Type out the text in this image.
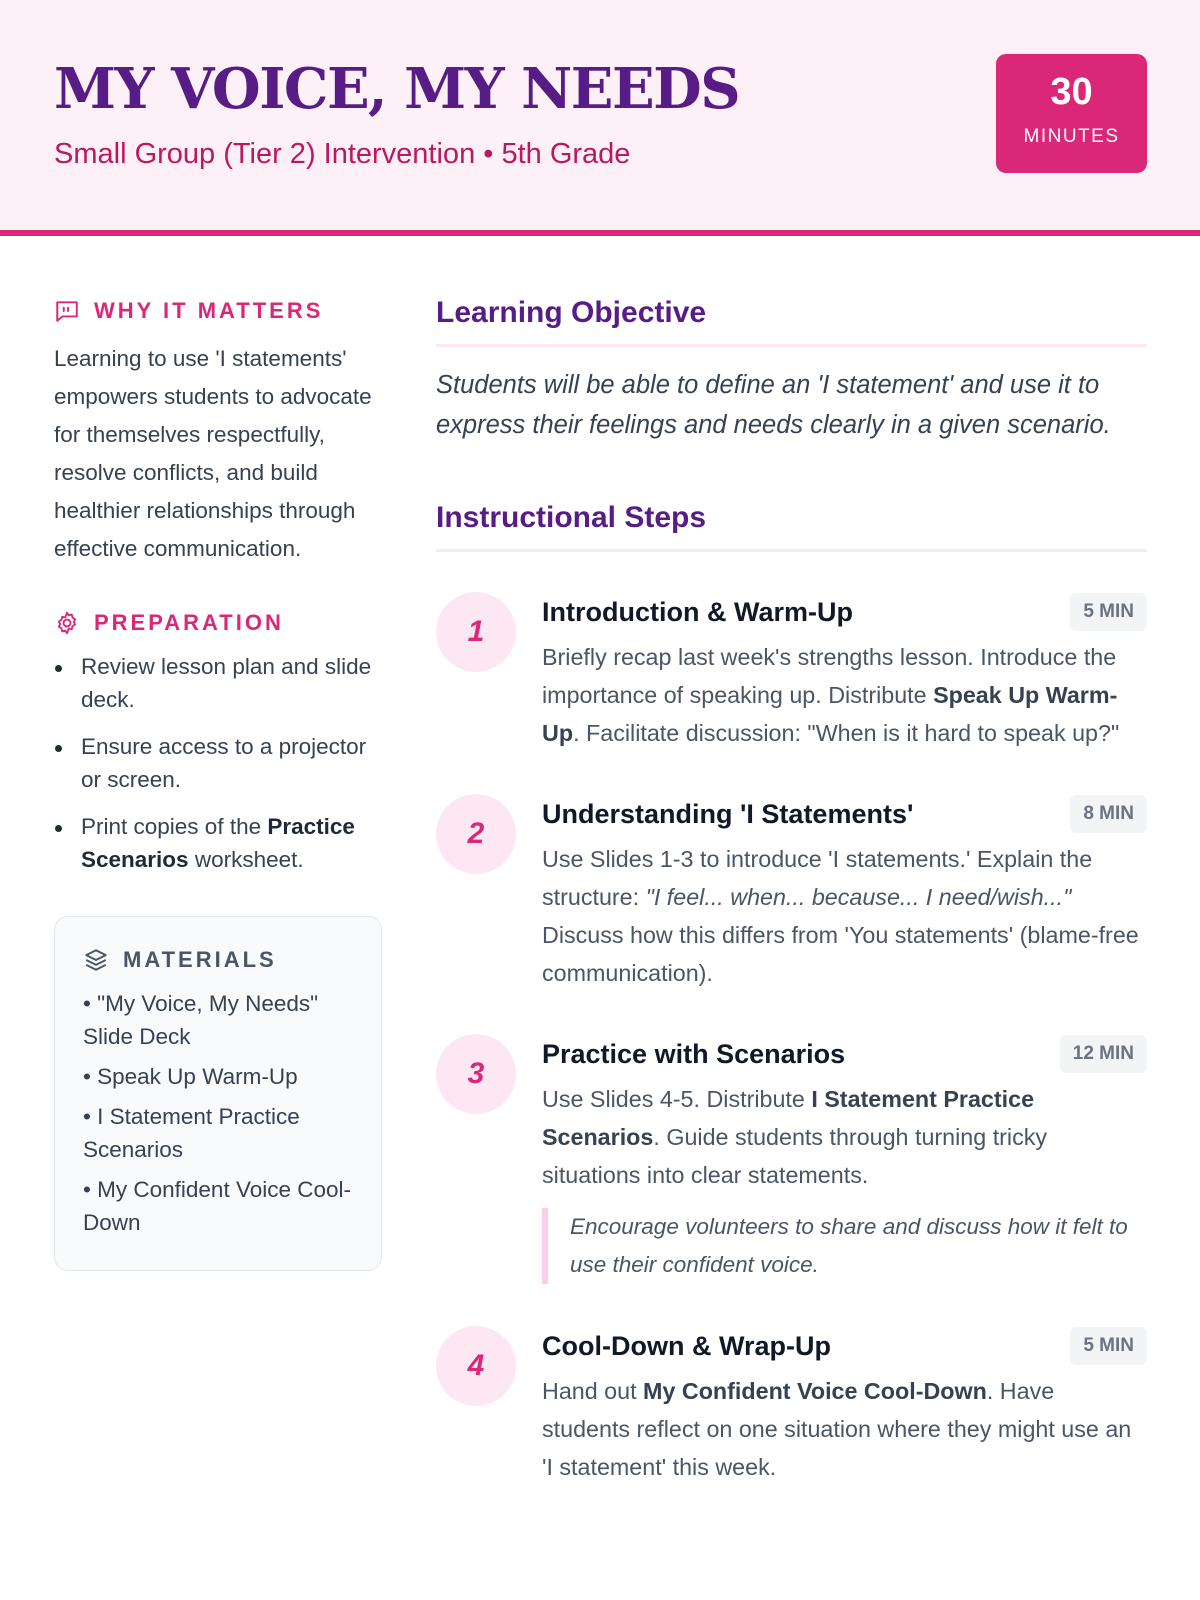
MY VOICE, MY NEEDS
Small Group (Tier 2) Intervention • 5th Grade
30
MINUTES
WHY IT MATTERS

Learning to use 'I statements' empowers students to advocate for themselves respectfully, resolve conflicts, and build healthier relationships through effective communication.

PREPARATION
Review lesson plan and slide deck.
Ensure access to a projector or screen.
Print copies of the Practice Scenarios worksheet.
MATERIALS
• "My Voice, My Needs" Slide Deck
• Speak Up Warm-Up
• I Statement Practice Scenarios
• My Confident Voice Cool-Down
Learning Objective

Students will be able to define an 'I statement' and use it to express their feelings and needs clearly in a given scenario.

Instructional Steps
1
Introduction & Warm-Up	5 MIN

Briefly recap last week's strengths lesson. Introduce the importance of speaking up. Distribute Speak Up Warm-Up. Facilitate discussion: "When is it hard to speak up?"

2
Understanding 'I Statements'	8 MIN

Use Slides 1-3 to introduce 'I statements.' Explain the structure: "I feel... when... because... I need/wish..." Discuss how this differs from 'You statements' (blame-free communication).

3
Practice with Scenarios	12 MIN

Use Slides 4-5. Distribute I Statement Practice Scenarios. Guide students through turning tricky situations into clear statements.

Encourage volunteers to share and discuss how it felt to use their confident voice.
4
Cool-Down & Wrap-Up	5 MIN

Hand out My Confident Voice Cool-Down. Have students reflect on one situation where they might use an 'I statement' this week.
